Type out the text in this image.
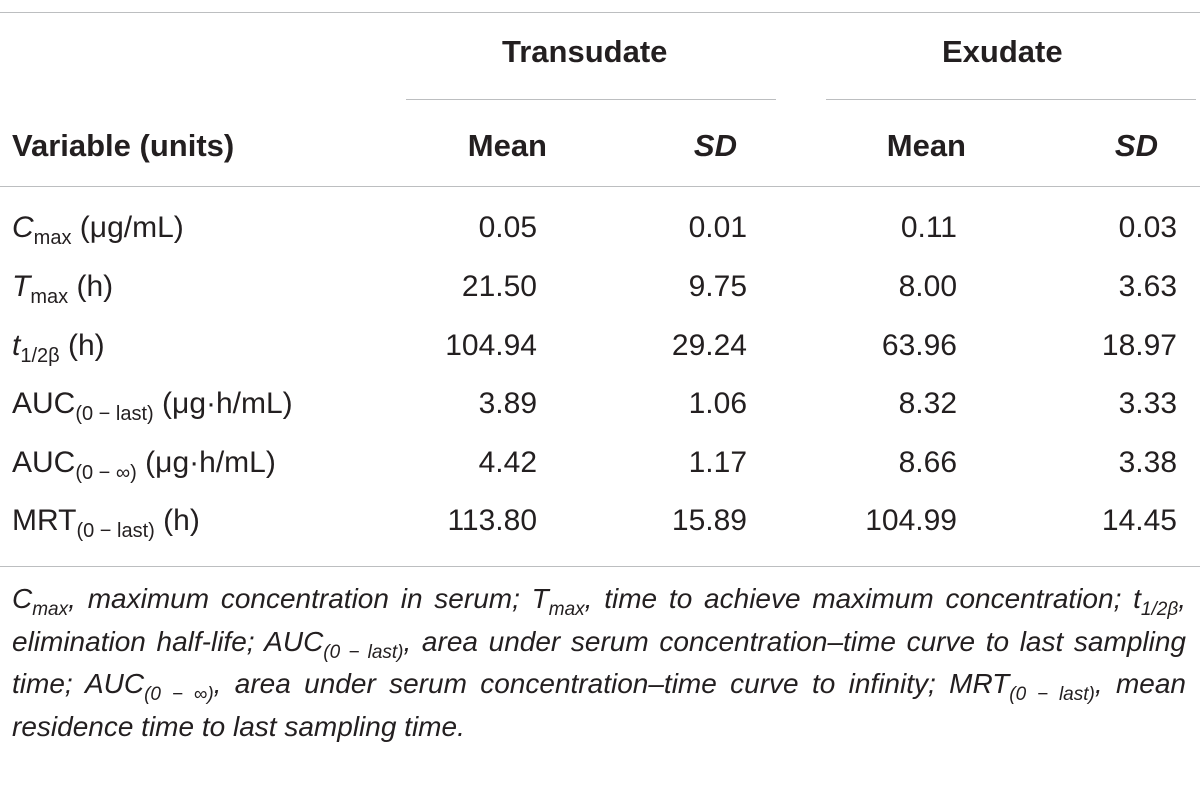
Transudate	Exudate
Variable (units)	Mean	SD	Mean	SD
$C_{max}$ (μg/mL)	0.05	0.01	0.11	0.03
$T_{max}$ (h)	21.50	9.75	8.00	3.63
$t_{1/2\beta}$ (h)	104.94	29.24	63.96	18.97
$AUC_{(0 - last)}$ (μg·h/mL)	3.89	1.06	8.32	3.33
$AUC_{(0 - \infty)}$ (μg·h/mL)	4.42	1.17	8.66	3.38
$MRT_{(0 - last)}$ (h)	113.80	15.89	104.99	14.45
$C_{max}$, maximum concentration in serum; $T_{max}$, time to achieve maximum concentration; $t_{1/2\beta}$, elimination half-life; $AUC_{(0 - last)}$, area under serum concentration–time curve to last sampling time; $AUC_{(0 - \infty)}$, area under serum concentration–time curve to infinity; $MRT_{(0 - last)}$, mean residence time to last sampling time.
